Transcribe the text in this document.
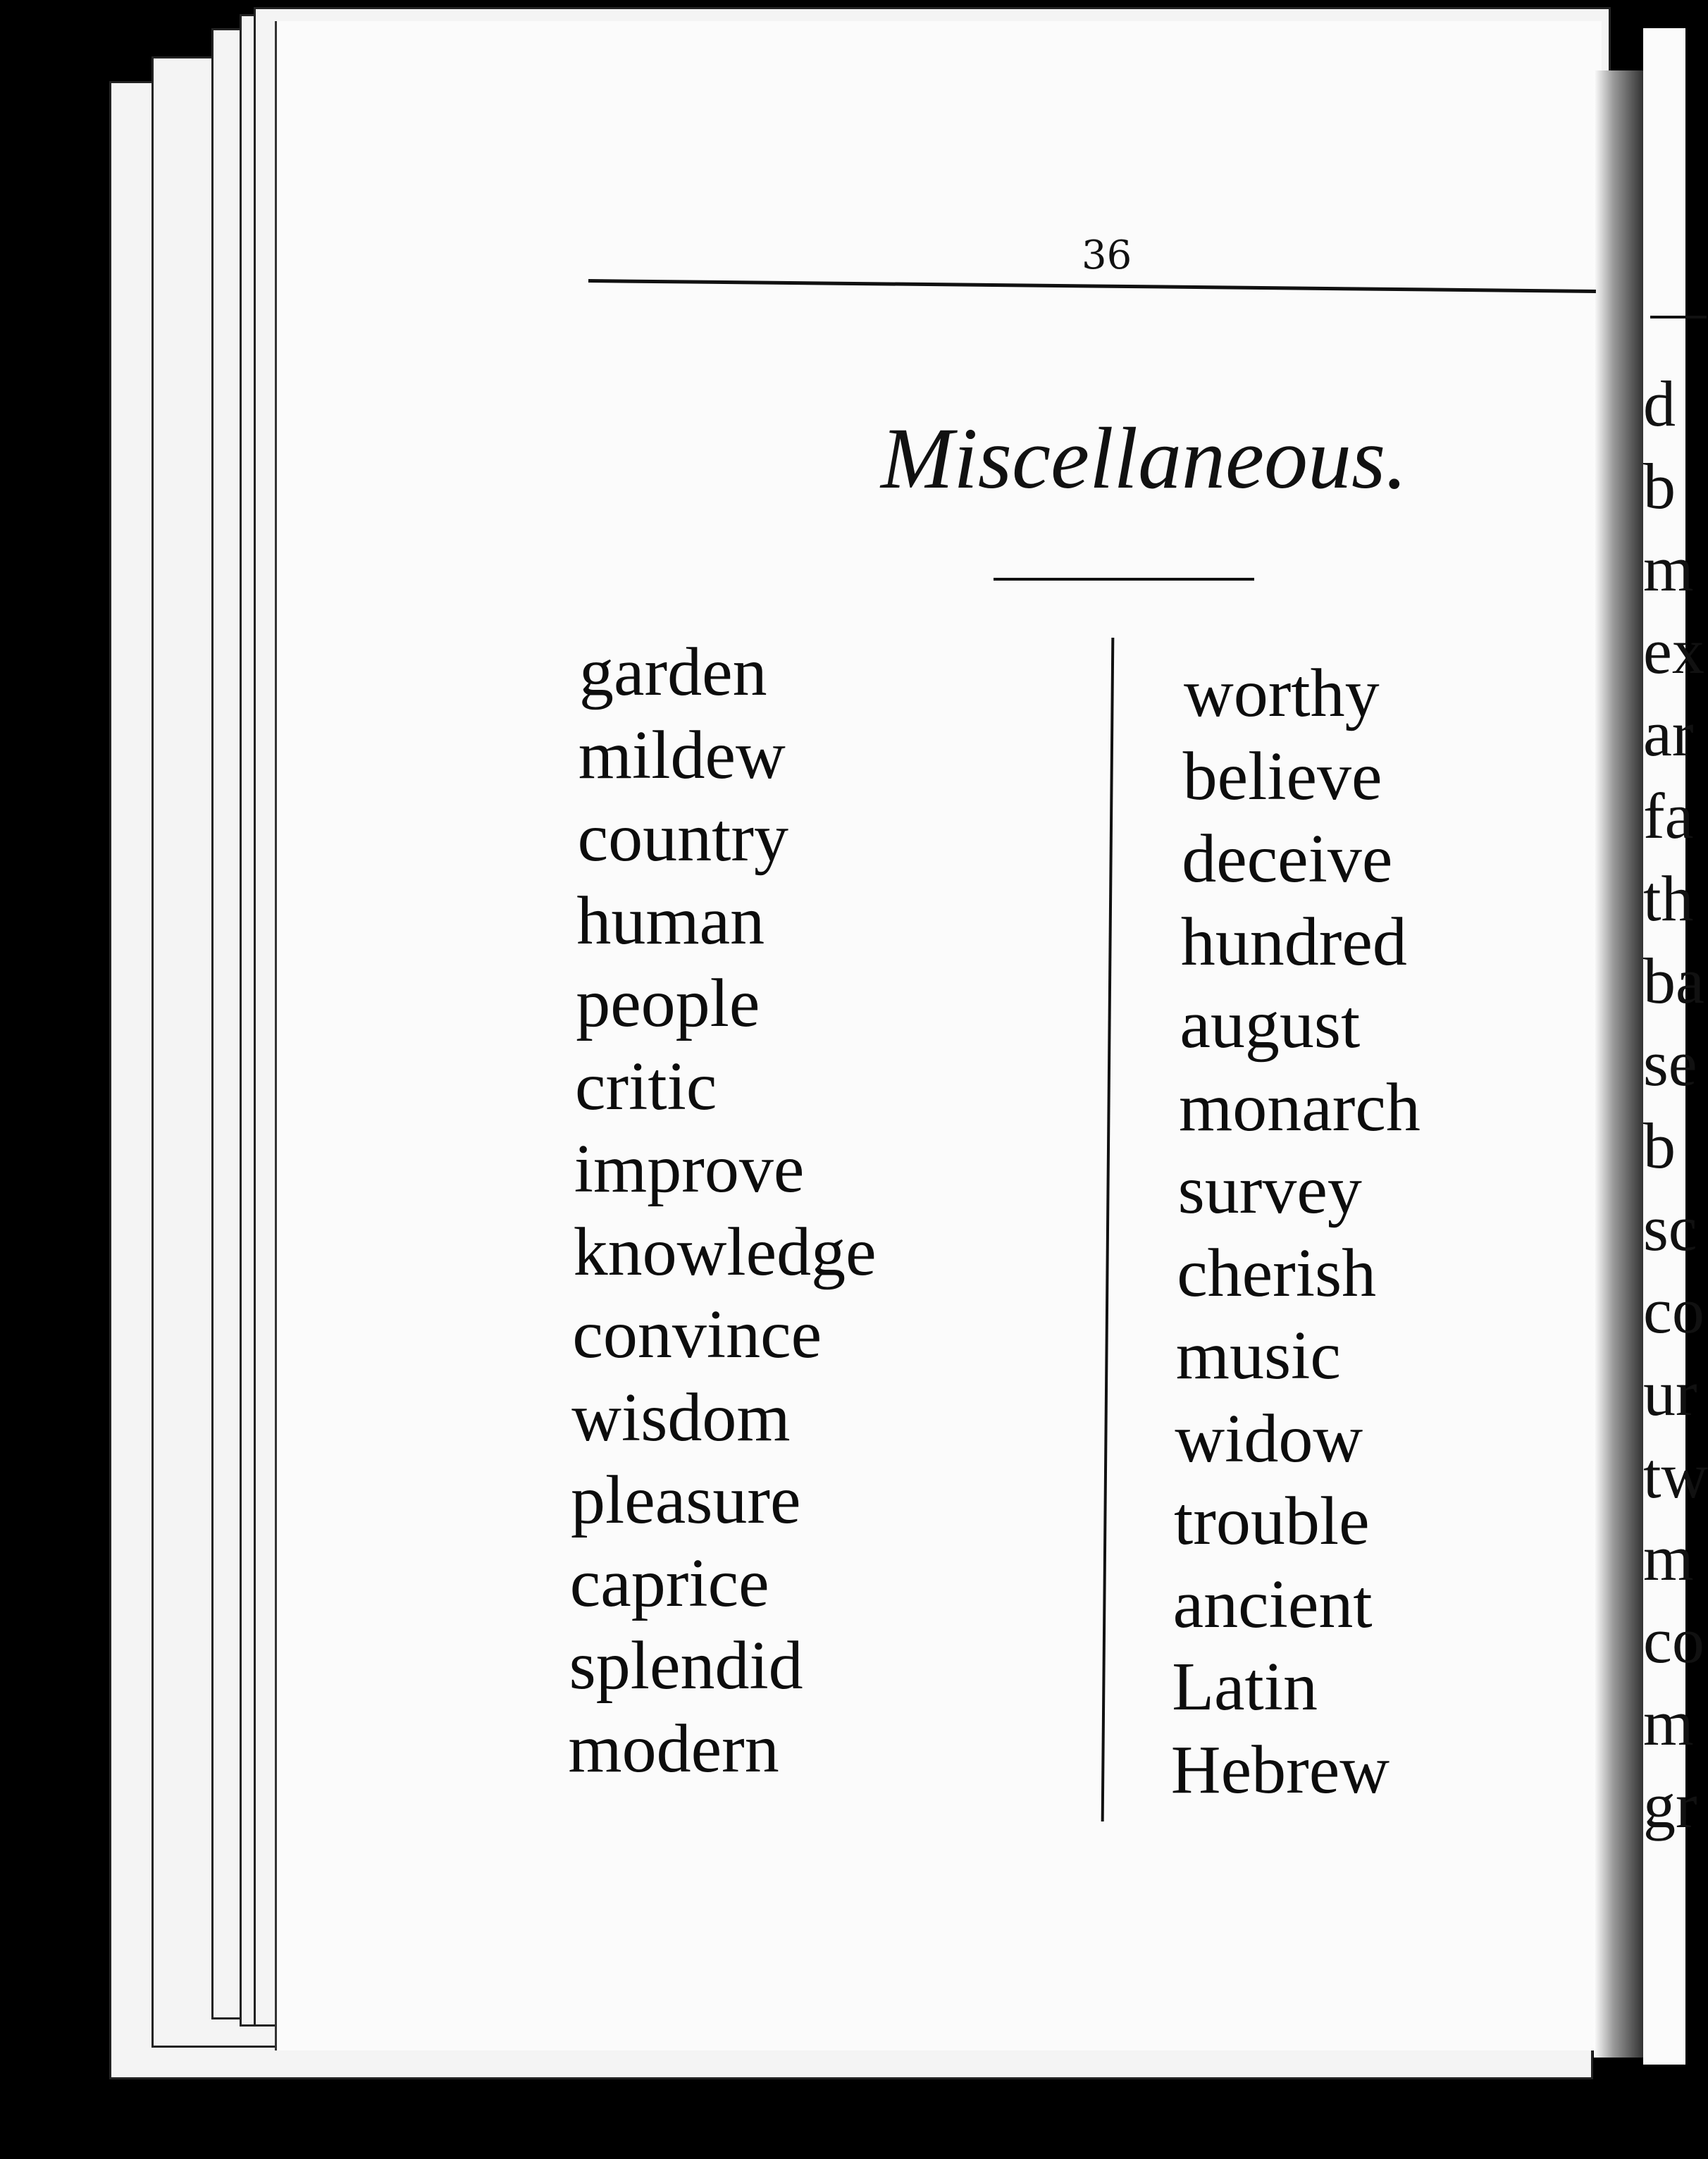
d
b
m
ex
ar
fa
th
ba
se
b
sc
co
ur
tw
m
co
m
gr
36
Miscellaneous.
garden
mildew
country
human
people
critic
improve
knowledge
convince
wisdom
pleasure
caprice
splendid
modern
worthy
believe
deceive
hundred
august
monarch
survey
cherish
music
widow
trouble
ancient
Latin
Hebrew
